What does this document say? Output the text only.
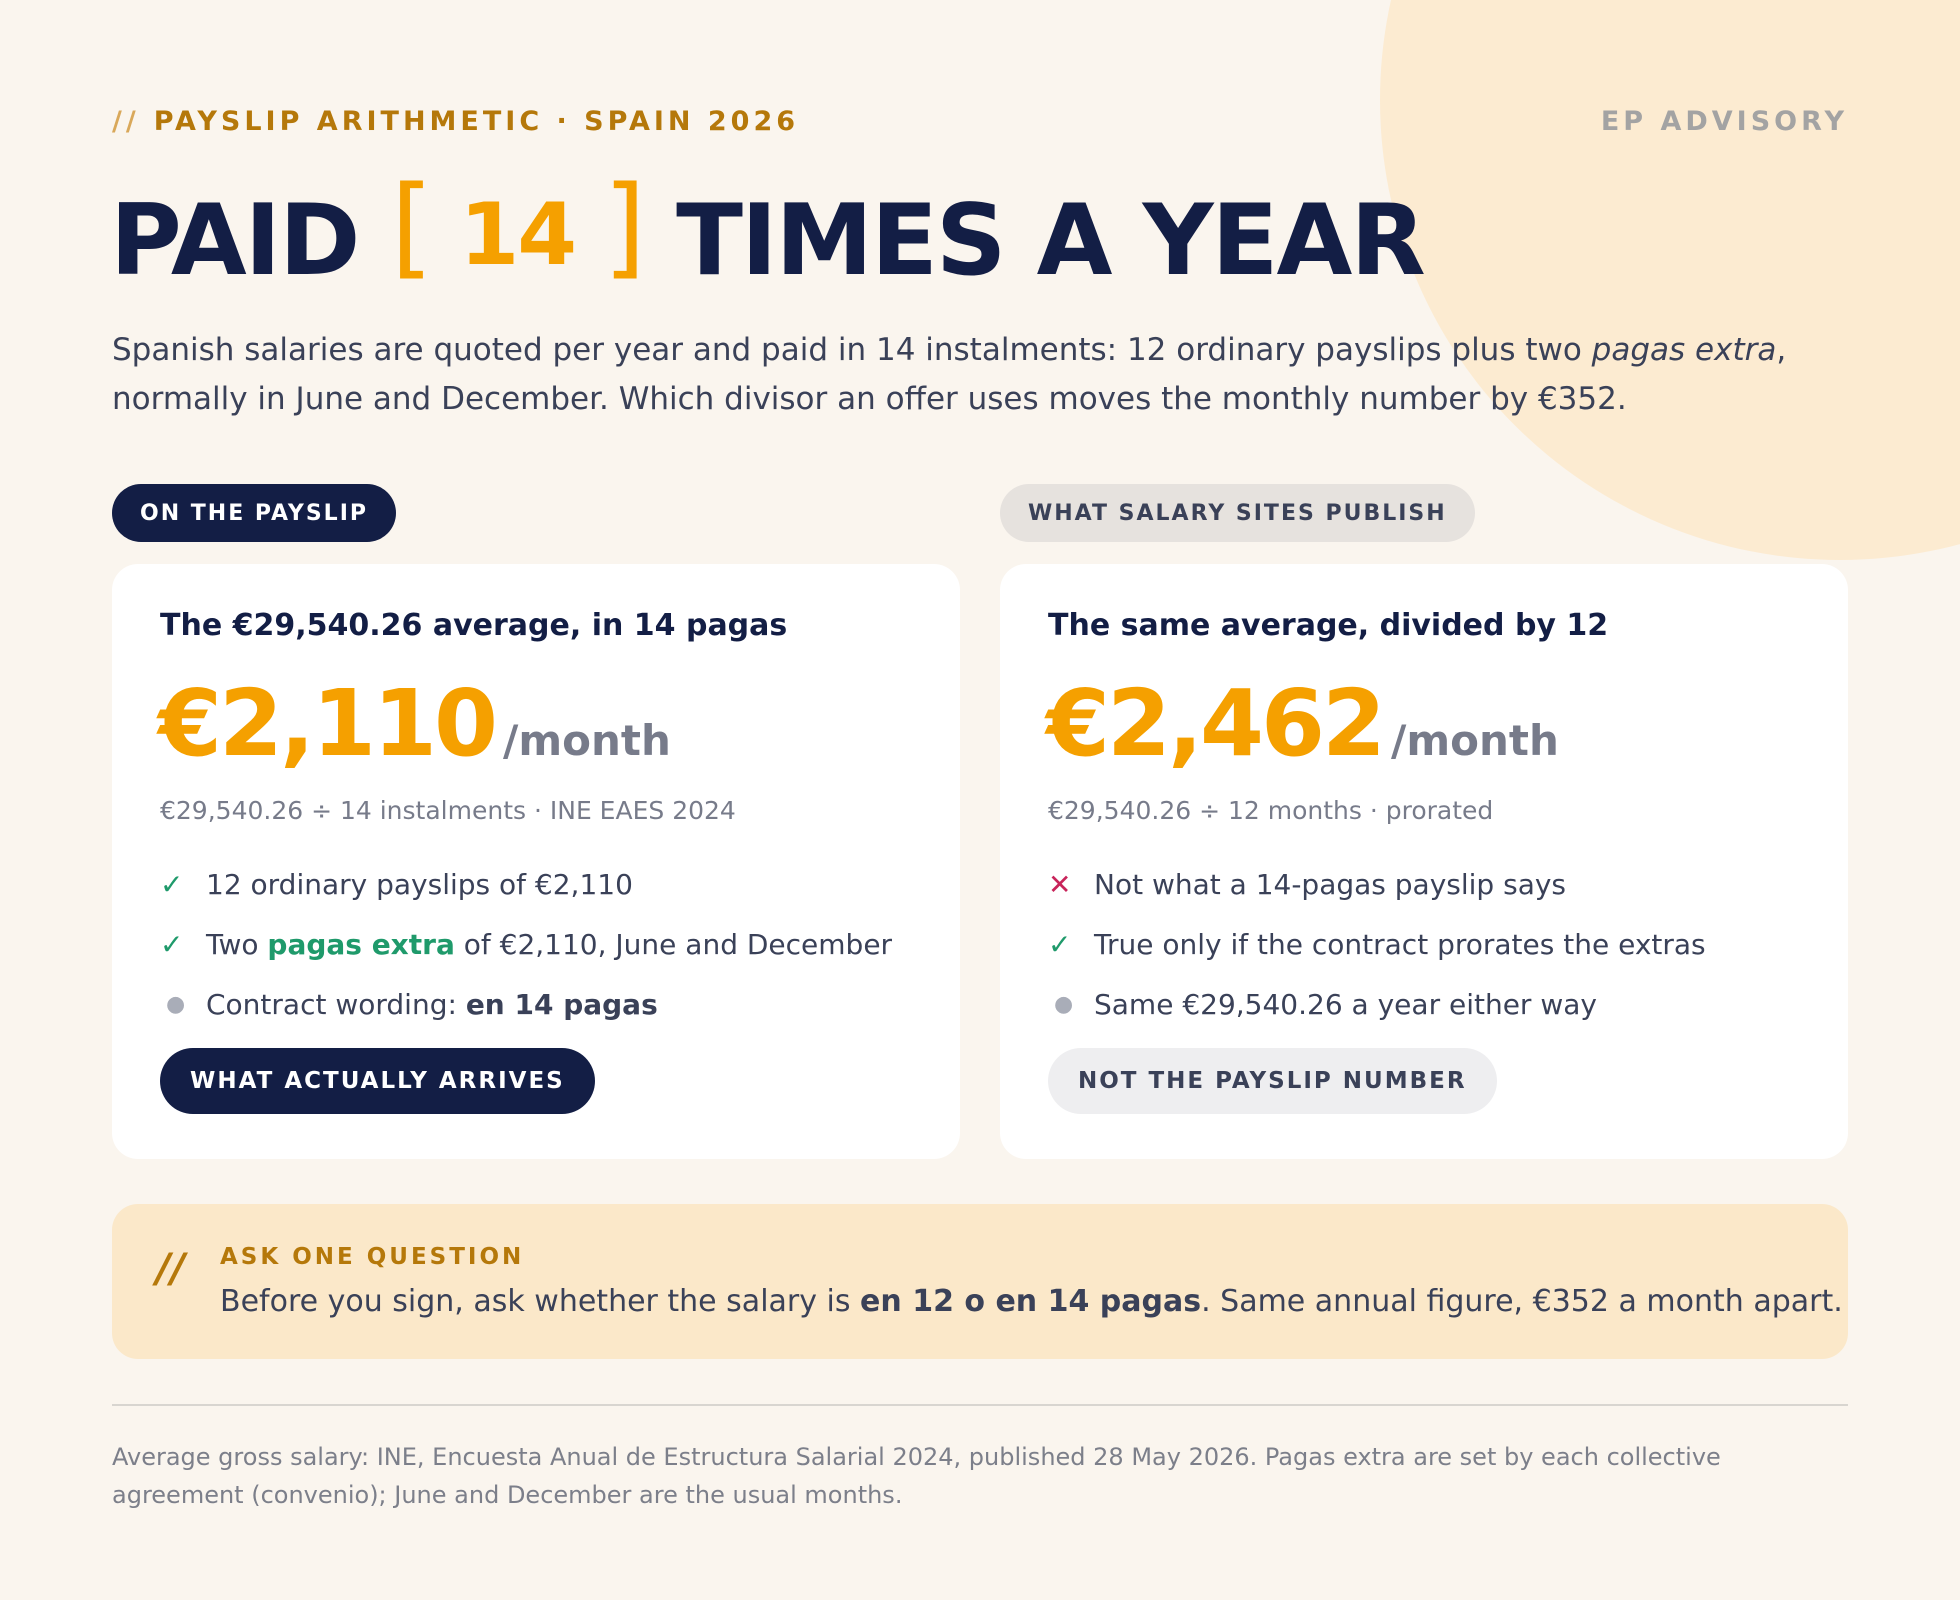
// PAYSLIP ARITHMETIC · SPAIN 2026	EP ADVISORY
PAID [ 14 ] TIMES A YEAR

Spanish salaries are quoted per year and paid in 14 instalments: 12 ordinary payslips plus two pagas extra, normally in June and December. Which divisor an offer uses moves the monthly number by €352.

ON THE PAYSLIP	WHAT SALARY SITES PUBLISH
The €29,540.26 average, in 14 pagas
€2,110 /month
€29,540.26 ÷ 14 instalments · INE EAES 2024
✓ 12 ordinary payslips of €2,110
✓ Two pagas extra of €2,110, June and December
● Contract wording: en 14 pagas
WHAT ACTUALLY ARRIVES
The same average, divided by 12
€2,462 /month
€29,540.26 ÷ 12 months · prorated
✕ Not what a 14-pagas payslip says
✓ True only if the contract prorates the extras
● Same €29,540.26 a year either way
NOT THE PAYSLIP NUMBER
// ASK ONE QUESTION
Before you sign, ask whether the salary is en 12 o en 14 pagas. Same annual figure, €352 a month apart.

Average gross salary: INE, Encuesta Anual de Estructura Salarial 2024, published 28 May 2026. Pagas extra are set by each collective agreement (convenio); June and December are the usual months.
